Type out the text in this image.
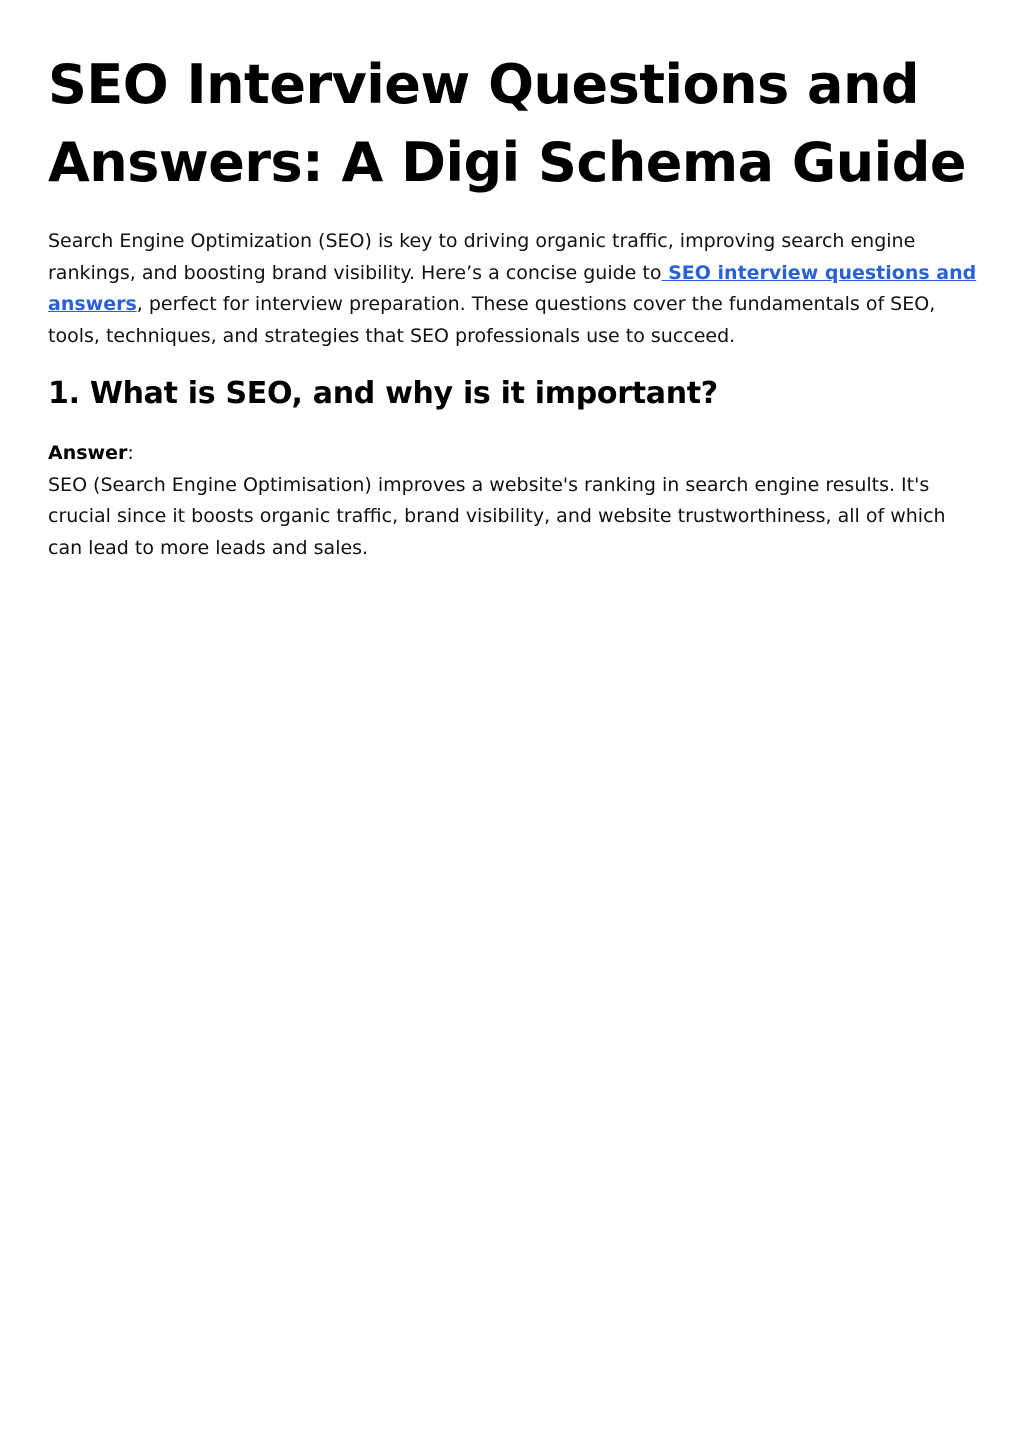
SEO Interview Questions and Answers: A Digi Schema Guide

Search Engine Optimization (SEO) is key to driving organic traffic, improving search engine rankings, and boosting brand visibility. Here’s a concise guide to SEO interview questions and answers, perfect for interview preparation. These questions cover the fundamentals of SEO, tools, techniques, and strategies that SEO professionals use to succeed.

1. What is SEO, and why is it important?
Answer:
SEO (Search Engine Optimisation) improves a website's ranking in search engine results. It's crucial since it boosts organic traffic, brand visibility, and website trustworthiness, all of which can lead to more leads and sales.
